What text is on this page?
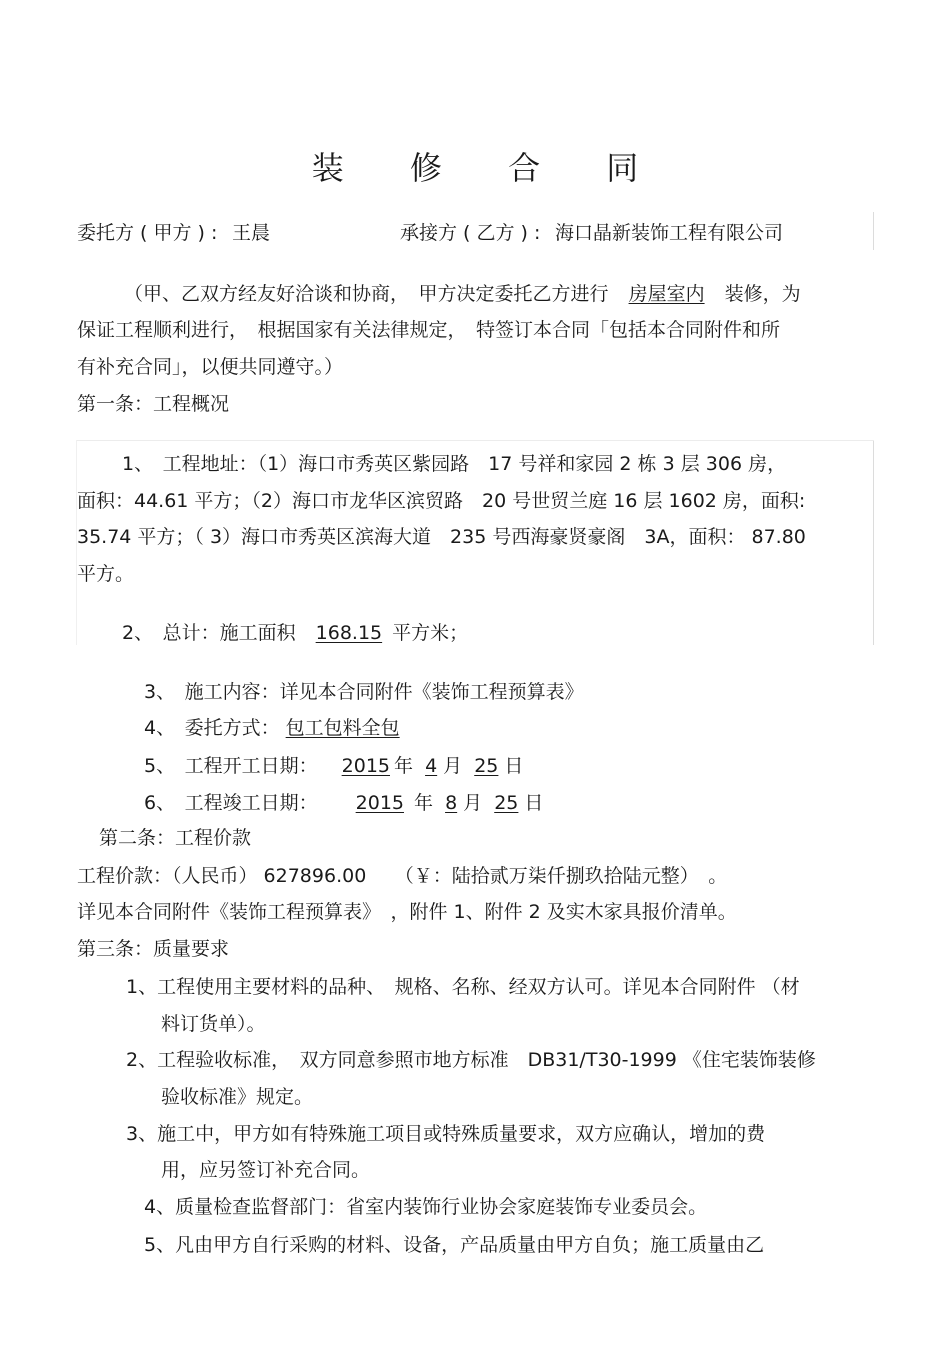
装 修 合 同
委托方 ( 甲方 ) : 王晨	承接方 ( 乙方 ) : 海口晶新装饰工程有限公司
（甲、乙双方经友好洽谈和协商，　甲方决定委托乙方进行 房屋室内 装修，为
保证工程顺利进行，　根据国家有关法律规定，　特签订本合同「包括本合同附件和所
有补充合同」，以便共同遵守。）
第一条：工程概况
1、　工程地址：（1）海口市秀英区紫园路　17 号祥和家园 2 栋 3 层 306 房，
面积：44.61 平方；（2）海口市龙华区滨贸路　20 号世贸兰庭 16 层 1602 房，面积:
35.74 平方；（ 3）海口市秀英区滨海大道　235 号西海豪贤豪阁　3A，面积： 87.80
平方。
2、　总计：施工面积 168.15 平方米；
3、　施工内容：详见本合同附件《装饰工程预算表》
4、　委托方式： 包工包料全包
5、　工程开工日期： 2015 年 4 月 25 日
6、　工程竣工日期： 2015 年 8 月 25 日
第二条：工程价款
工程价款：（人民币） 627896.00　　（￥：陆拾贰万柒仟捌玖拾陆元整）　。
详见本合同附件《装饰工程预算表》　，附件 1、附件 2 及实木家具报价清单。
第三条：质量要求
1、工程使用主要材料的品种、　规格、名称、经双方认可。详见本合同附件 （材
料订货单）。
2、工程验收标准，　双方同意参照市地方标准　DB31/T30-1999 《住宅装饰装修
验收标准》规定。
3、施工中，甲方如有特殊施工项目或特殊质量要求，双方应确认，增加的费
用，应另签订补充合同。
4、质量检查监督部门：省室内装饰行业协会家庭装饰专业委员会。
5、凡由甲方自行采购的材料、设备，产品质量由甲方自负；施工质量由乙
